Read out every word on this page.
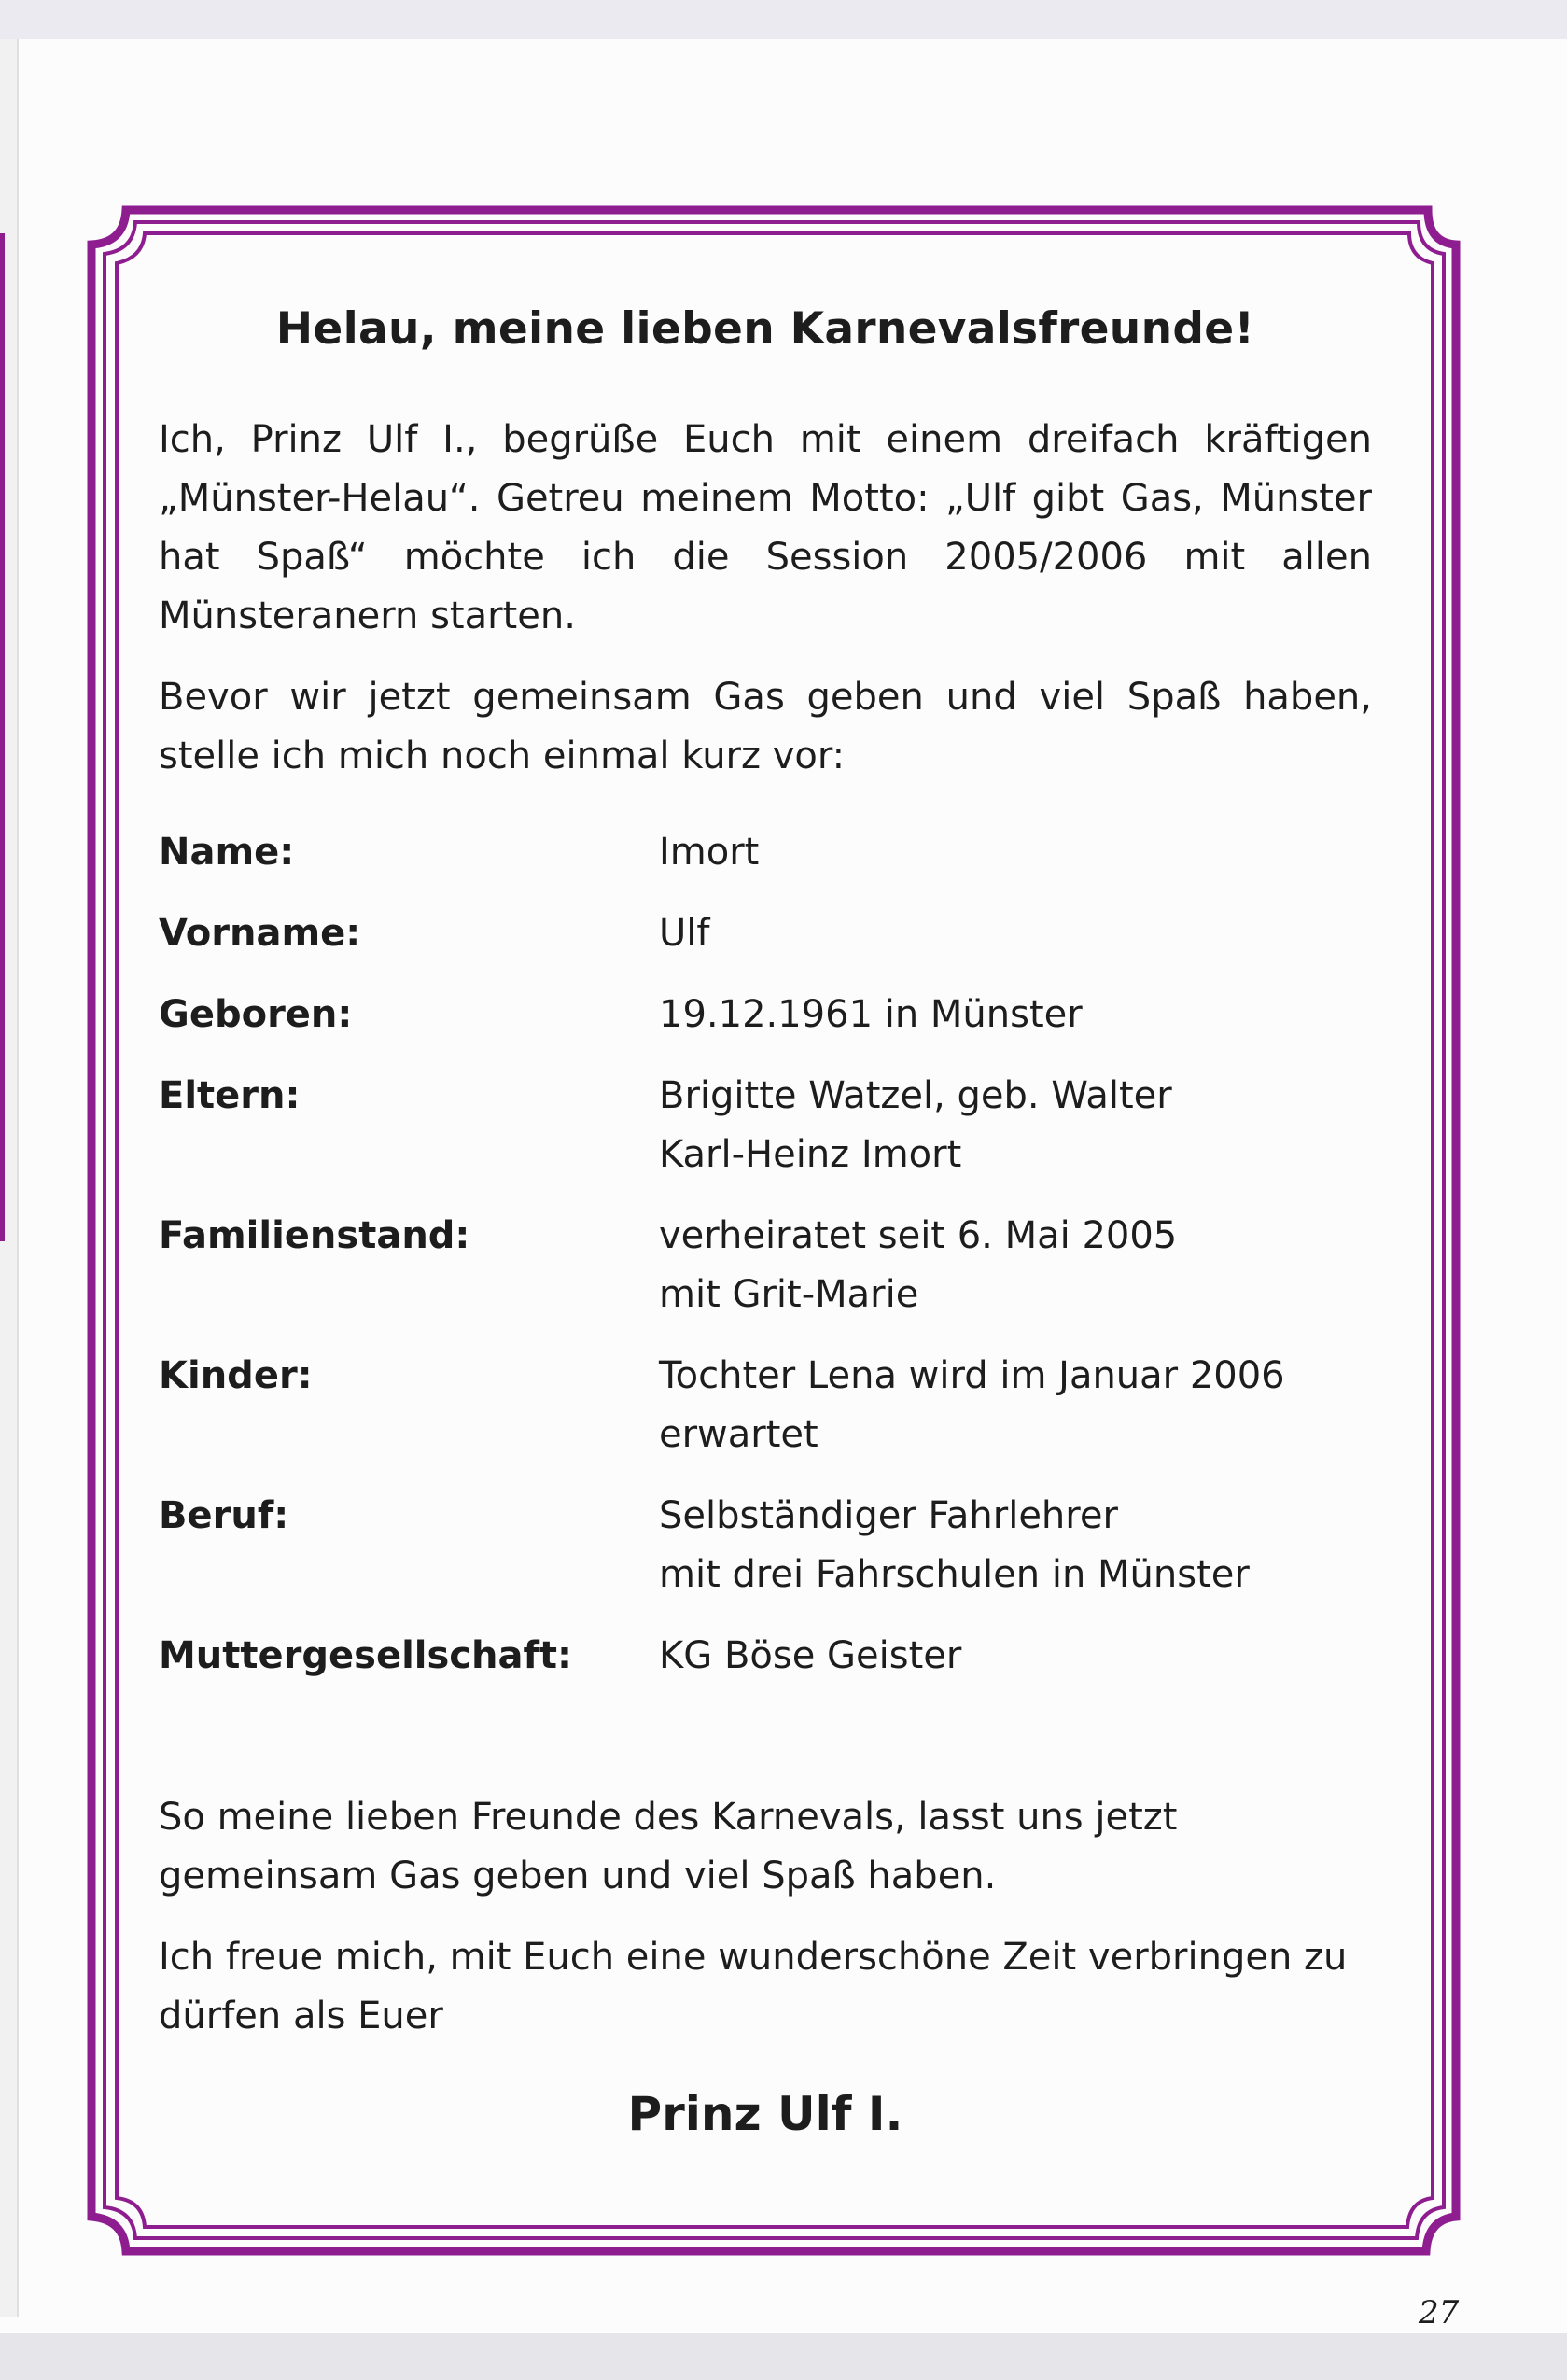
Helau, meine lieben Karnevalsfreunde!

Ich, Prinz Ulf I., begrüße Euch mit einem dreifach kräftigen „Münster-Helau“. Getreu meinem Motto: „Ulf gibt Gas, Münster hat Spaß“ möchte ich die Session 2005/2006 mit allen Münsteranern starten.

Bevor wir jetzt gemeinsam Gas geben und viel Spaß haben, stelle ich mich noch einmal kurz vor:

Name:	Imort
Vorname:	Ulf
Geboren:	19.12.1961 in Münster
Eltern:	Brigitte Watzel, geb. Walter
Karl-Heinz Imort
Familienstand:	verheiratet seit 6. Mai 2005
mit Grit-Marie
Kinder:	Tochter Lena wird im Januar 2006
erwartet
Beruf:	Selbständiger Fahrlehrer
mit drei Fahrschulen in Münster
Muttergesellschaft:	KG Böse Geister

So meine lieben Freunde des Karnevals, lasst uns jetzt gemeinsam Gas geben und viel Spaß haben.

Ich freue mich, mit Euch eine wunderschöne Zeit verbringen zu dürfen als Euer

Prinz Ulf I.
27
